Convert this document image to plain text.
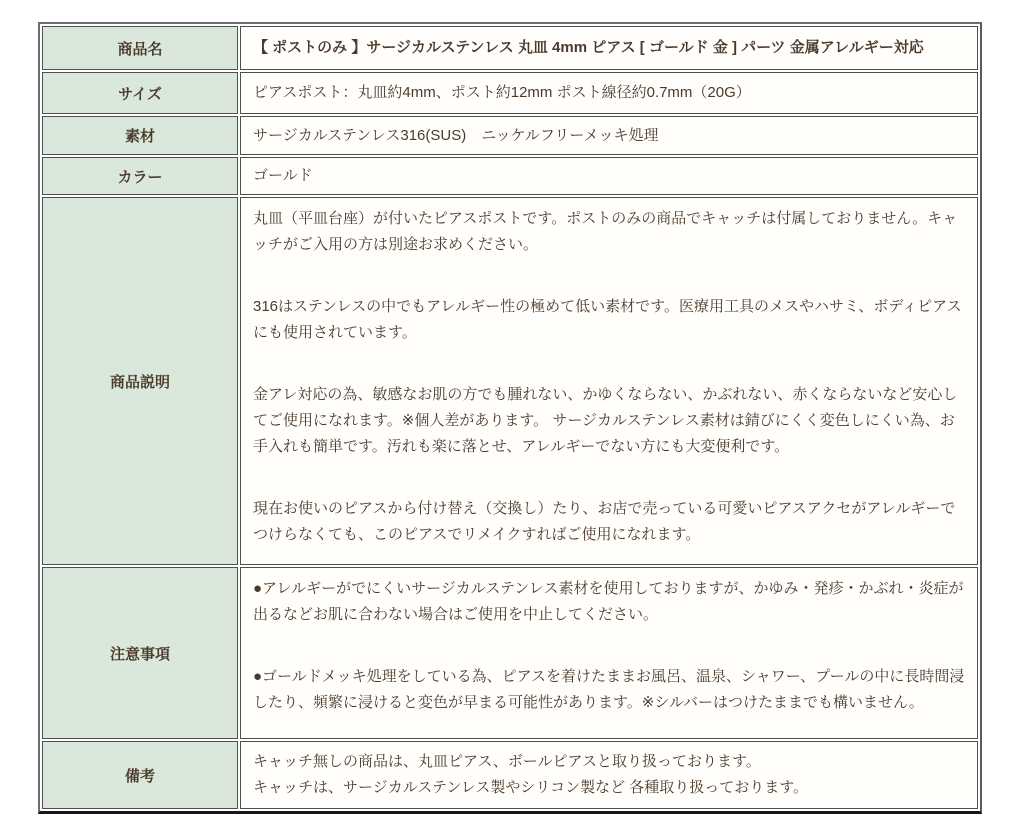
商品名	【 ポストのみ 】サージカルステンレス 丸皿 4mm ピアス [ ゴールド 金 ] パーツ 金属アレルギー対応
サイズ	ピアスポスト：丸皿約4mm、ポスト約12mm ポスト線径約0.7mm（20G）
素材	サージカルステンレス316(SUS)　ニッケルフリーメッキ処理
カラー	ゴールド
商品説明	丸皿（平皿台座）が付いたピアスポストです。ポストのみの商品でキャッチは付属しておりません。キャッチがご入用の方は別途お求めください。

316はステンレスの中でもアレルギー性の極めて低い素材です。医療用工具のメスやハサミ、ボディピアスにも使用されています。

金アレ対応の為、敏感なお肌の方でも腫れない、かゆくならない、かぶれない、赤くならないなど安心してご使用になれます。※個人差があります。 サージカルステンレス素材は錆びにくく変色しにくい為、お手入れも簡単です。汚れも楽に落とせ、アレルギーでない方にも大変便利です。

現在お使いのピアスから付け替え（交換し）たり、お店で売っている可愛いピアスアクセがアレルギーでつけらなくても、このピアスでリメイクすればご使用になれます。

注意事項	●アレルギーがでにくいサージカルステンレス素材を使用しておりますが、かゆみ・発疹・かぶれ・炎症が出るなどお肌に合わない場合はご使用を中止してください。

●ゴールドメッキ処理をしている為、ピアスを着けたままお風呂、温泉、シャワー、プールの中に長時間浸したり、頻繁に浸けると変色が早まる可能性があります。※シルバーはつけたままでも構いません。

備考	キャッチ無しの商品は、丸皿ピアス、ボールピアスと取り扱っております。
キャッチは、サージカルステンレス製やシリコン製など 各種取り扱っております。
